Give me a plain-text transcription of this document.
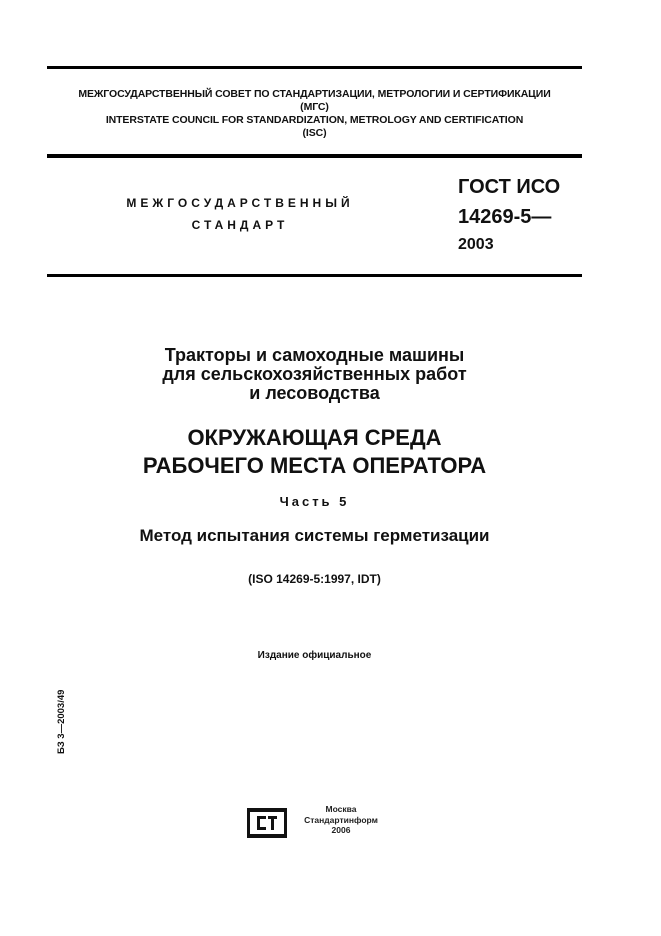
МЕЖГОСУДАРСТВЕННЫЙ СОВЕТ ПО СТАНДАРТИЗАЦИИ, МЕТРОЛОГИИ И СЕРТИФИКАЦИИ
(МГС)
INTERSTATE COUNCIL FOR STANDARDIZATION, METROLOGY AND CERTIFICATION
(ISC)
МЕЖГОСУДАРСТВЕННЫЙ
СТАНДАРТ
ГОСТ ИСО
14269-5—
2003
Тракторы и самоходные машины
для сельскохозяйственных работ
и лесоводства
ОКРУЖАЮЩАЯ СРЕДА
РАБОЧЕГО МЕСТА ОПЕРАТОРА
Часть 5
Метод испытания системы герметизации
(ISO 14269-5:1997, IDT)
Издание официальное
БЗ 3—2003/49
Москва
Стандартинформ
2006
